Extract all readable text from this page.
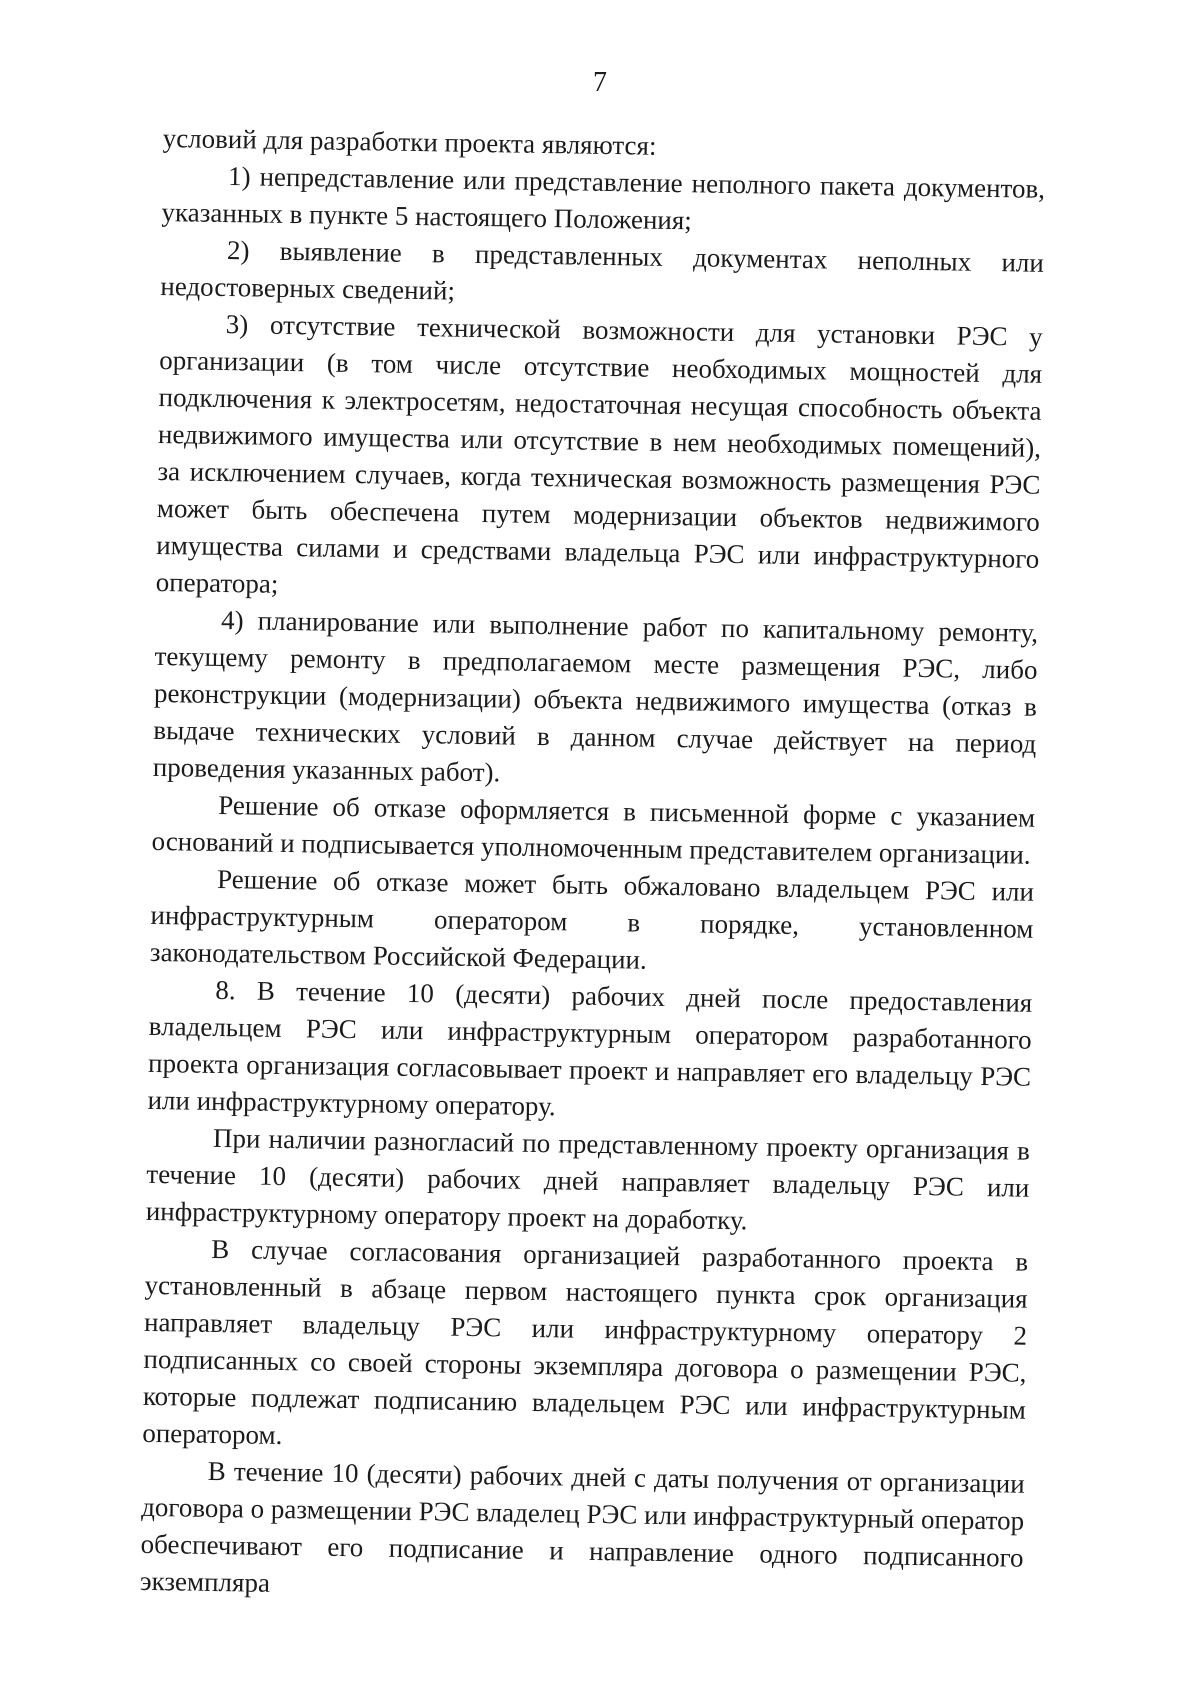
7

условий для разработки проекта являются:

1) непредставление или представление неполного пакета документов, указанных в пункте 5 настоящего Положения;

2) выявление в представленных документах неполных или недостоверных сведений;

3) отсутствие технической возможности для установки РЭС у организации (в том числе отсутствие необходимых мощностей для подключения к электросетям, недостаточная несущая способность объекта недвижимого имущества или отсутствие в нем необходимых помещений), за исключением случаев, когда техническая возможность размещения РЭС может быть обеспечена путем модернизации объектов недвижимого имущества силами и средствами владельца РЭС или инфраструктурного оператора;

4) планирование или выполнение работ по капитальному ремонту, текущему ремонту в предполагаемом месте размещения РЭС, либо реконструкции (модернизации) объекта недвижимого имущества (отказ в выдаче технических условий в данном случае действует на период проведения указанных работ).

Решение об отказе оформляется в письменной форме с указанием оснований и подписывается уполномоченным представителем организации.

Решение об отказе может быть обжаловано владельцем РЭС или инфраструктурным оператором в порядке, установленном законодательством Российской Федерации.

8. В течение 10 (десяти) рабочих дней после предоставления владельцем РЭС или инфраструктурным оператором разработанного проекта организация согласовывает проект и направляет его владельцу РЭС или инфраструктурному оператору.

При наличии разногласий по представленному проекту организация в течение 10 (десяти) рабочих дней направляет владельцу РЭС или инфраструктурному оператору проект на доработку.

В случае согласования организацией разработанного проекта в установленный в абзаце первом настоящего пункта срок организация направляет владельцу РЭС или инфраструктурному оператору 2 подписанных со своей стороны экземпляра договора о размещении РЭС, которые подлежат подписанию владельцем РЭС или инфраструктурным оператором.

В течение 10 (десяти) рабочих дней с даты получения от организации договора о размещении РЭС владелец РЭС или инфраструктурный оператор обеспечивают его подписание и направление одного подписанного экземпляра
